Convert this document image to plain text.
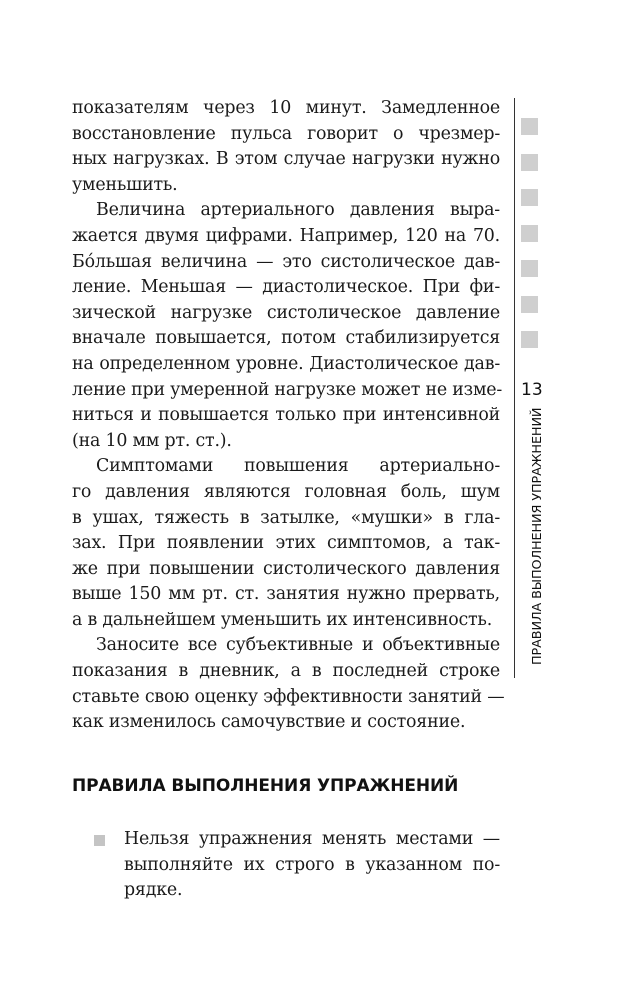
показателям через 10 минут. Замедленное
восстановление пульса говорит о чрезмер-
ных нагрузках. В этом случае нагрузки нужно
уменьшить.

Величина артериального давления выра-
жается двумя цифрами. Например, 120 на 70.
Бóльшая величина — это систолическое дав-
ление. Меньшая — диастолическое. При фи-
зической нагрузке систолическое давление
вначале повышается, потом стабилизируется
на определенном уровне. Диастолическое дав-
ление при умеренной нагрузке может не изме-
ниться и повышается только при интенсивной
(на 10 мм рт. ст.).

Симптомами повышения артериально-
го давления являются головная боль, шум
в ушах, тяжесть в затылке, «мушки» в гла-
зах. При появлении этих симптомов, а так-
же при повышении систолического давления
выше 150 мм рт. ст. занятия нужно прервать,
а в дальнейшем уменьшить их интенсивность.

Заносите все субъективные и объективные
показания в дневник, а в последней строке
ставьте свою оценку эффективности занятий —
как изменилось самочувствие и состояние.

ПРАВИЛА ВЫПОЛНЕНИЯ УПРАЖНЕНИЙ
Нельзя упражнения менять местами —
выполняйте их строго в указанном по-
рядке.
13
ПРАВИЛА ВЫПОЛНЕНИЯ УПРАЖНЕНИЙ
